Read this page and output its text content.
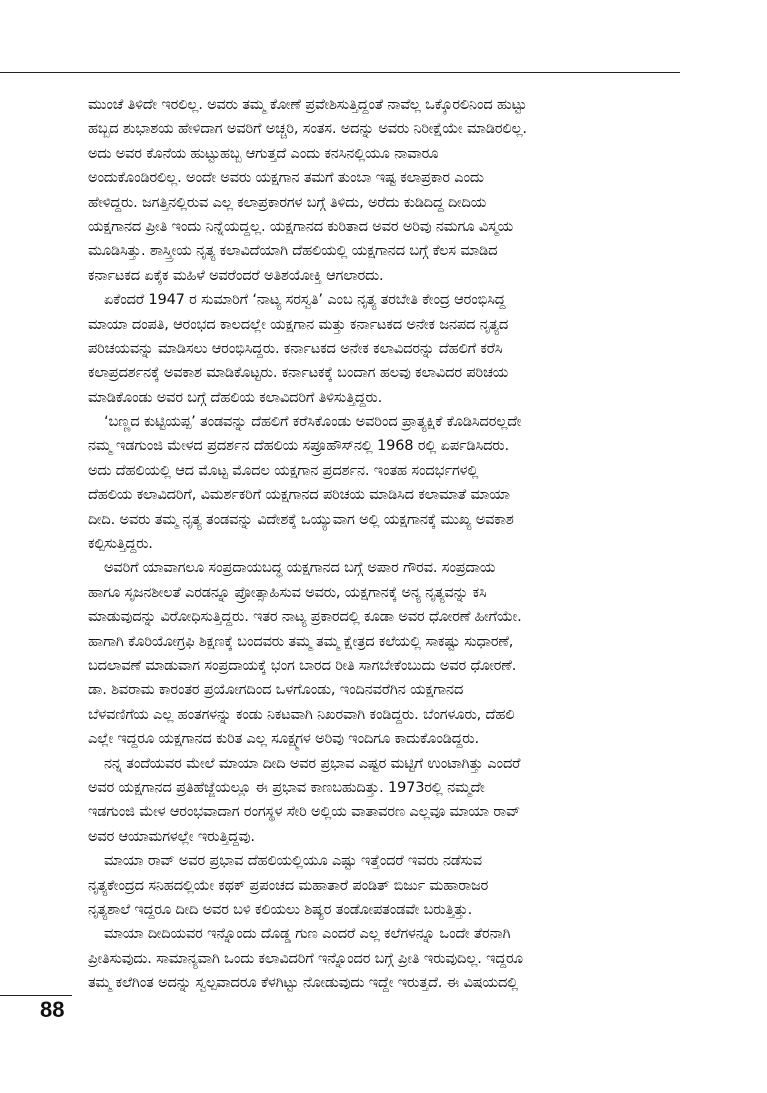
ಮುಂಚೆ ತಿಳಿದೇ ಇರಲಿಲ್ಲ. ಅವರು ತಮ್ಮ ಕೋಣೆ ಪ್ರವೇಶಿಸುತ್ತಿದ್ದಂತೆ ನಾವೆಲ್ಲ ಒಕ್ಕೊರಲಿನಿಂದ ಹುಟ್ಟು
ಹಬ್ಬದ ಶುಭಾಶಯ ಹೇಳಿದಾಗ ಅವರಿಗೆ ಅಚ್ಚರಿ, ಸಂತಸ. ಅದನ್ನು ಅವರು ನಿರೀಕ್ಷೆಯೇ ಮಾಡಿರಲಿಲ್ಲ.
ಅದು ಅವರ ಕೊನೆಯ ಹುಟ್ಟುಹಬ್ಬ ಆಗುತ್ತದೆ ಎಂದು ಕನಸಿನಲ್ಲಿಯೂ ನಾವಾರೂ
ಅಂದುಕೊಂಡಿರಲಿಲ್ಲ. ಅಂದೇ ಅವರು ಯಕ್ಷಗಾನ ತಮಗೆ ತುಂಬಾ ಇಷ್ಟ ಕಲಾಪ್ರಕಾರ ಎಂದು
ಹೇಳಿದ್ದರು. ಜಗತ್ತಿನಲ್ಲಿರುವ ಎಲ್ಲ ಕಲಾಪ್ರಕಾರಗಳ ಬಗ್ಗೆ ತಿಳಿದು, ಅರೆದು ಕುಡಿದಿದ್ದ ದೀದಿಯ
ಯಕ್ಷಗಾನದ ಪ್ರೀತಿ ಇಂದು ನಿನ್ನೆಯದ್ದಲ್ಲ. ಯಕ್ಷಗಾನದ ಕುರಿತಾದ ಅವರ ಅರಿವು ನಮಗೂ ವಿಸ್ಮಯ
ಮೂಡಿಸಿತ್ತು. ಶಾಸ್ತ್ರೀಯ ನೃತ್ಯ ಕಲಾವಿದೆಯಾಗಿ ದೆಹಲಿಯಲ್ಲಿ ಯಕ್ಷಗಾನದ ಬಗ್ಗೆ ಕೆಲಸ ಮಾಡಿದ
ಕರ್ನಾಟಕದ ಏಕೈಕ ಮಹಿಳೆ ಅವರೆಂದರೆ ಅತಿಶಯೋಕ್ತಿ ಆಗಲಾರದು.
ಏಕೆಂದರೆ 1947 ರ ಸುಮಾರಿಗೆ ‘ನಾಟ್ಯ ಸರಸ್ವತಿ’ ಎಂಬ ನೃತ್ಯ ತರಬೇತಿ ಕೇಂದ್ರ ಆರಂಭಿಸಿದ್ದ
ಮಾಯಾ ದಂಪತಿ, ಆರಂಭದ ಕಾಲದಲ್ಲೇ ಯಕ್ಷಗಾನ ಮತ್ತು ಕರ್ನಾಟಕದ ಅನೇಕ ಜನಪದ ನೃತ್ಯದ
ಪರಿಚಯವನ್ನು ಮಾಡಿಸಲು ಆರಂಭಿಸಿದ್ದರು. ಕರ್ನಾಟಕದ ಅನೇಕ ಕಲಾವಿದರನ್ನು ದೆಹಲಿಗೆ ಕರೆಸಿ
ಕಲಾಪ್ರದರ್ಶನಕ್ಕೆ ಅವಕಾಶ ಮಾಡಿಕೊಟ್ಟರು. ಕರ್ನಾಟಕಕ್ಕೆ ಬಂದಾಗ ಹಲವು ಕಲಾವಿದರ ಪರಿಚಯ
ಮಾಡಿಕೊಂಡು ಅವರ ಬಗ್ಗೆ ದೆಹಲಿಯ ಕಲಾವಿದರಿಗೆ ತಿಳಿಸುತ್ತಿದ್ದರು.
‘ಬಣ್ಣದ ಕುಟ್ಟಿಯಪ್ಪ’ ತಂಡವನ್ನು ದೆಹಲಿಗೆ ಕರೆಸಿಕೊಂಡು ಅವರಿಂದ ಪ್ರಾತ್ಯಕ್ಷಿಕೆ ಕೊಡಿಸಿದರಲ್ಲದೇ
ನಮ್ಮ ಇಡಗುಂಜಿ ಮೇಳದ ಪ್ರದರ್ಶನ ದೆಹಲಿಯ ಸಪ್ರೂಹೌಸ್‌ನಲ್ಲಿ 1968 ರಲ್ಲಿ ಏರ್ಪಡಿಸಿದರು.
ಅದು ದೆಹಲಿಯಲ್ಲಿ ಆದ ಮೊಟ್ಟ ಮೊದಲ ಯಕ್ಷಗಾನ ಪ್ರದರ್ಶನ. ಇಂತಹ ಸಂದರ್ಭಗಳಲ್ಲಿ
ದೆಹಲಿಯ ಕಲಾವಿದರಿಗೆ, ವಿಮರ್ಶಕರಿಗೆ ಯಕ್ಷಗಾನದ ಪರಿಚಯ ಮಾಡಿಸಿದ ಕಲಾಮಾತೆ ಮಾಯಾ
ದೀದಿ. ಅವರು ತಮ್ಮ ನೃತ್ಯ ತಂಡವನ್ನು ವಿದೇಶಕ್ಕೆ ಒಯ್ಯುವಾಗ ಅಲ್ಲಿ ಯಕ್ಷಗಾನಕ್ಕೆ ಮುಖ್ಯ ಅವಕಾಶ
ಕಲ್ಪಿಸುತ್ತಿದ್ದರು.
ಅವರಿಗೆ ಯಾವಾಗಲೂ ಸಂಪ್ರದಾಯಬದ್ಧ ಯಕ್ಷಗಾನದ ಬಗ್ಗೆ ಅಪಾರ ಗೌರವ. ಸಂಪ್ರದಾಯ
ಹಾಗೂ ಸೃಜನಶೀಲತೆ ಎರಡನ್ನೂ ಪ್ರೋತ್ಸಾಹಿಸುವ ಅವರು, ಯಕ್ಷಗಾನಕ್ಕೆ ಅನ್ಯ ನೃತ್ಯವನ್ನು ಕಸಿ
ಮಾಡುವುದನ್ನು ವಿರೋಧಿಸುತ್ತಿದ್ದರು. ಇತರ ನಾಟ್ಯ ಪ್ರಕಾರದಲ್ಲಿ ಕೂಡಾ ಅವರ ಧೋರಣೆ ಹೀಗೆಯೇ.
ಹಾಗಾಗಿ ಕೊರಿಯೋಗ್ರಫಿ ಶಿಕ್ಷಣಕ್ಕೆ ಬಂದವರು ತಮ್ಮ ತಮ್ಮ ಕ್ಷೇತ್ರದ ಕಲೆಯಲ್ಲಿ ಸಾಕಷ್ಟು ಸುಧಾರಣೆ,
ಬದಲಾವಣೆ ಮಾಡುವಾಗ ಸಂಪ್ರದಾಯಕ್ಕೆ ಭಂಗ ಬಾರದ ರೀತಿ ಸಾಗಬೇಕೆಂಬುದು ಅವರ ಧೋರಣೆ.
ಡಾ. ಶಿವರಾಮ ಕಾರಂತರ ಪ್ರಯೋಗದಿಂದ ಒಳಗೊಂಡು, ಇಂದಿನವರೆಗಿನ ಯಕ್ಷಗಾನದ
ಬೆಳವಣಿಗೆಯ ಎಲ್ಲ ಹಂತಗಳನ್ನು ಕಂಡು ನಿಕಟವಾಗಿ ನಿಖರವಾಗಿ ಕಂಡಿದ್ದರು. ಬೆಂಗಳೂರು, ದೆಹಲಿ
ಎಲ್ಲೇ ಇದ್ದರೂ ಯಕ್ಷಗಾನದ ಕುರಿತ ಎಲ್ಲ ಸೂಕ್ಷ್ಮಗಳ ಅರಿವು ಇಂದಿಗೂ ಕಾದುಕೊಂಡಿದ್ದರು.
ನನ್ನ ತಂದೆಯವರ ಮೇಲೆ ಮಾಯಾ ದೀದಿ ಅವರ ಪ್ರಭಾವ ಎಷ್ಟರ ಮಟ್ಟಿಗೆ ಉಂಟಾಗಿತ್ತು ಎಂದರೆ
ಅವರ ಯಕ್ಷಗಾನದ ಪ್ರತಿಹೆಜ್ಜೆಯಲ್ಲೂ ಈ ಪ್ರಭಾವ ಕಾಣಬಹುದಿತ್ತು. 1973ರಲ್ಲಿ ನಮ್ಮದೇ
ಇಡಗುಂಜಿ ಮೇಳ ಆರಂಭವಾದಾಗ ರಂಗಸ್ಥಳ ಸೇರಿ ಅಲ್ಲಿಯ ವಾತಾವರಣ ಎಲ್ಲವೂ ಮಾಯಾ ರಾವ್
ಅವರ ಆಯಾಮಗಳಲ್ಲೇ ಇರುತ್ತಿದ್ದವು.
ಮಾಯಾ ರಾವ್ ಅವರ ಪ್ರಭಾವ ದೆಹಲಿಯಲ್ಲಿಯೂ ಎಷ್ಟು ಇತ್ತೆಂದರೆ ಇವರು ನಡೆಸುವ
ನೃತ್ಯಕೇಂದ್ರದ ಸನಿಹದಲ್ಲಿಯೇ ಕಥಕ್ ಪ್ರಪಂಚದ ಮಹಾತಾರೆ ಪಂಡಿತ್ ಬಿರ್ಜು ಮಹಾರಾಜರ
ನೃತ್ಯಶಾಲೆ ಇದ್ದರೂ ದೀದಿ ಅವರ ಬಳಿ ಕಲಿಯಲು ಶಿಷ್ಯರ ತಂಡೋಪತಂಡವೇ ಬರುತ್ತಿತ್ತು.
ಮಾಯಾ ದೀದಿಯವರ ಇನ್ನೊಂದು ದೊಡ್ಡ ಗುಣ ಎಂದರೆ ಎಲ್ಲ ಕಲೆಗಳನ್ನೂ ಒಂದೇ ತೆರನಾಗಿ
ಪ್ರೀತಿಸುವುದು. ಸಾಮಾನ್ಯವಾಗಿ ಒಂದು ಕಲಾವಿದರಿಗೆ ಇನ್ನೊಂದರ ಬಗ್ಗೆ ಪ್ರೀತಿ ಇರುವುದಿಲ್ಲ. ಇದ್ದರೂ
ತಮ್ಮ ಕಲೆಗಿಂತ ಅದನ್ನು ಸ್ವಲ್ಪವಾದರೂ ಕೆಳಗಿಟ್ಟು ನೋಡುವುದು ಇದ್ದೇ ಇರುತ್ತದೆ. ಈ ವಿಷಯದಲ್ಲಿ
88
